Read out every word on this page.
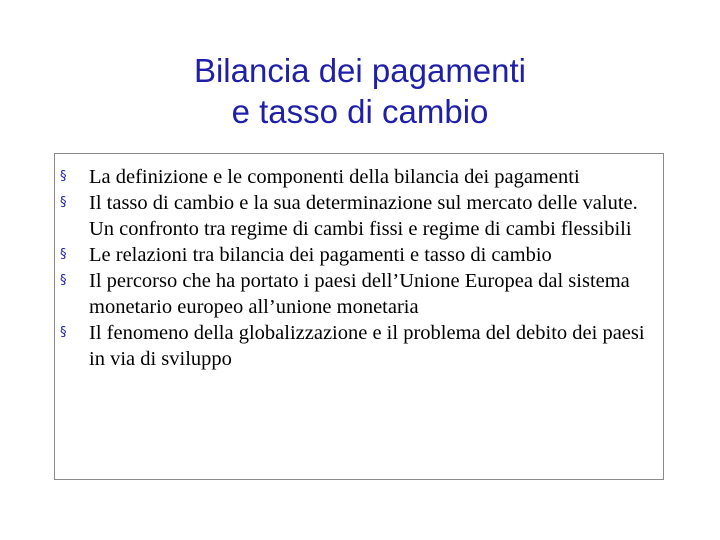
Bilancia dei pagamenti
e tasso di cambio
§ La definizione e le componenti della bilancia dei pagamenti
§ Il tasso di cambio e la sua determinazione sul mercato delle valute. Un confronto tra regime di cambi fissi e regime di cambi flessibili
§ Le relazioni tra bilancia dei pagamenti e tasso di cambio
§ Il percorso che ha portato i paesi dell’Unione Europea dal sistema monetario europeo all’unione monetaria
§ Il fenomeno della globalizzazione e il problema del debito dei paesi in via di sviluppo
